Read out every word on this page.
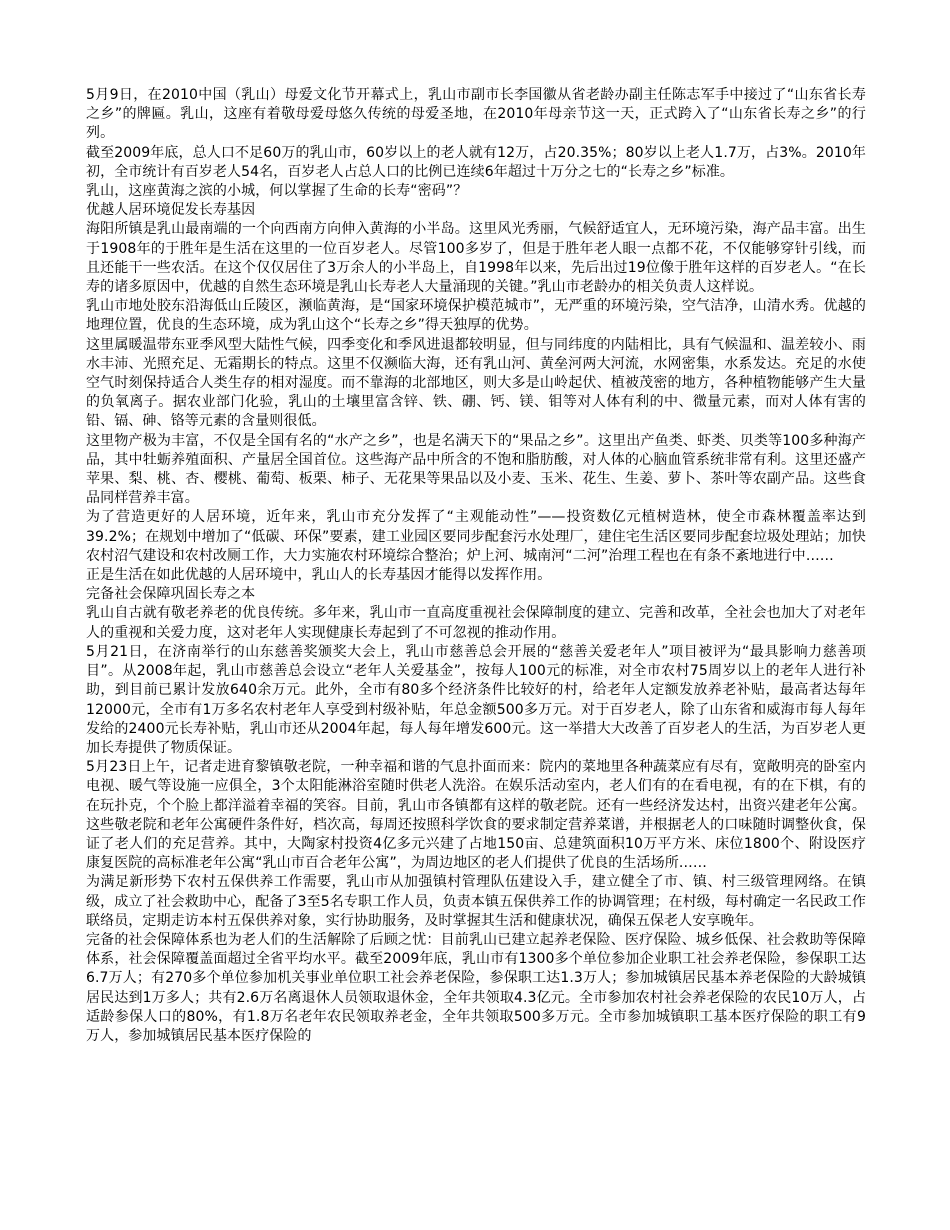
5月9日，在2010中国（乳山）母爱文化节开幕式上，乳山市副市长李国徽从省老龄办副主任陈志军手中接过了“山东省长寿之乡”的牌匾。乳山，这座有着敬母爱母悠久传统的母爱圣地，在2010年母亲节这一天，正式跨入了“山东省长寿之乡”的行列。

截至2009年底，总人口不足60万的乳山市，60岁以上的老人就有12万，占20.35%；80岁以上老人1.7万，占3%。2010年初，全市统计有百岁老人54名，百岁老人占总人口的比例已连续6年超过十万分之七的“长寿之乡”标准。

乳山，这座黄海之滨的小城，何以掌握了生命的长寿“密码”？

优越人居环境促发长寿基因

海阳所镇是乳山最南端的一个向西南方向伸入黄海的小半岛。这里风光秀丽，气候舒适宜人，无环境污染，海产品丰富。出生于1908年的于胜年是生活在这里的一位百岁老人。尽管100多岁了，但是于胜年老人眼一点都不花，不仅能够穿针引线，而且还能干一些农活。在这个仅仅居住了3万余人的小半岛上，自1998年以来，先后出过19位像于胜年这样的百岁老人。“在长寿的诸多原因中，优越的自然生态环境是乳山长寿老人大量涌现的关键。”乳山市老龄办的相关负责人这样说。

乳山市地处胶东沿海低山丘陵区，濒临黄海，是“国家环境保护模范城市”，无严重的环境污染，空气洁净，山清水秀。优越的地理位置，优良的生态环境，成为乳山这个“长寿之乡”得天独厚的优势。

这里属暖温带东亚季风型大陆性气候，四季变化和季风进退都较明显，但与同纬度的内陆相比，具有气候温和、温差较小、雨水丰沛、光照充足、无霜期长的特点。这里不仅濒临大海，还有乳山河、黄垒河两大河流，水网密集，水系发达。充足的水使空气时刻保持适合人类生存的相对湿度。而不靠海的北部地区，则大多是山岭起伏、植被茂密的地方，各种植物能够产生大量的负氧离子。据农业部门化验，乳山的土壤里富含锌、铁、硼、钙、镁、钼等对人体有利的中、微量元素，而对人体有害的铅、镉、砷、铬等元素的含量则很低。

这里物产极为丰富，不仅是全国有名的“水产之乡”，也是名满天下的“果品之乡”。这里出产鱼类、虾类、贝类等100多种海产品，其中牡蛎养殖面积、产量居全国首位。这些海产品中所含的不饱和脂肪酸，对人体的心脑血管系统非常有利。这里还盛产苹果、梨、桃、杏、樱桃、葡萄、板栗、柿子、无花果等果品以及小麦、玉米、花生、生姜、萝卜、茶叶等农副产品。这些食品同样营养丰富。

为了营造更好的人居环境，近年来，乳山市充分发挥了“主观能动性”——投资数亿元植树造林，使全市森林覆盖率达到39.2%；在规划中增加了“低碳、环保”要素，建工业园区要同步配套污水处理厂，建住宅生活区要同步配套垃圾处理站；加快农村沼气建设和农村改厕工作，大力实施农村环境综合整治；炉上河、城南河“二河”治理工程也在有条不紊地进行中……

正是生活在如此优越的人居环境中，乳山人的长寿基因才能得以发挥作用。

完备社会保障巩固长寿之本

乳山自古就有敬老养老的优良传统。多年来，乳山市一直高度重视社会保障制度的建立、完善和改革，全社会也加大了对老年人的重视和关爱力度，这对老年人实现健康长寿起到了不可忽视的推动作用。

5月21日，在济南举行的山东慈善奖颁奖大会上，乳山市慈善总会开展的“慈善关爱老年人”项目被评为“最具影响力慈善项目”。从2008年起，乳山市慈善总会设立“老年人关爱基金”，按每人100元的标准，对全市农村75周岁以上的老年人进行补助，到目前已累计发放640余万元。此外，全市有80多个经济条件比较好的村，给老年人定额发放养老补贴，最高者达每年12000元，全市有1万多名农村老年人享受到村级补贴，年总金额500多万元。对于百岁老人，除了山东省和威海市每人每年发给的2400元长寿补贴，乳山市还从2004年起，每人每年增发600元。这一举措大大改善了百岁老人的生活，为百岁老人更加长寿提供了物质保证。

5月23日上午，记者走进育黎镇敬老院，一种幸福和谐的气息扑面而来：院内的菜地里各种蔬菜应有尽有，宽敞明亮的卧室内电视、暖气等设施一应俱全，3个太阳能淋浴室随时供老人洗浴。在娱乐活动室内，老人们有的在看电视，有的在下棋，有的在玩扑克，个个脸上都洋溢着幸福的笑容。目前，乳山市各镇都有这样的敬老院。还有一些经济发达村，出资兴建老年公寓。这些敬老院和老年公寓硬件条件好，档次高，每周还按照科学饮食的要求制定营养菜谱，并根据老人的口味随时调整伙食，保证了老人们的充足营养。其中，大陶家村投资4亿多元兴建了占地150亩、总建筑面积10万平方米、床位1800个、附设医疗康复医院的高标准老年公寓“乳山市百合老年公寓”，为周边地区的老人们提供了优良的生活场所……

为满足新形势下农村五保供养工作需要，乳山市从加强镇村管理队伍建设入手，建立健全了市、镇、村三级管理网络。在镇级，成立了社会救助中心，配备了3至5名专职工作人员，负责本镇五保供养工作的协调管理；在村级，每村确定一名民政工作联络员，定期走访本村五保供养对象，实行协助服务，及时掌握其生活和健康状况，确保五保老人安享晚年。

完备的社会保障体系也为老人们的生活解除了后顾之忧：目前乳山已建立起养老保险、医疗保险、城乡低保、社会救助等保障体系，社会保障覆盖面超过全省平均水平。截至2009年底，乳山市有1300多个单位参加企业职工社会养老保险，参保职工达6.7万人；有270多个单位参加机关事业单位职工社会养老保险，参保职工达1.3万人；参加城镇居民基本养老保险的大龄城镇居民达到1万多人；共有2.6万名离退休人员领取退休金，全年共领取4.3亿元。全市参加农村社会养老保险的农民10万人，占适龄参保人口的80%，有1.8万名老年农民领取养老金，全年共领取500多万元。全市参加城镇职工基本医疗保险的职工有9万人，参加城镇居民基本医疗保险的
